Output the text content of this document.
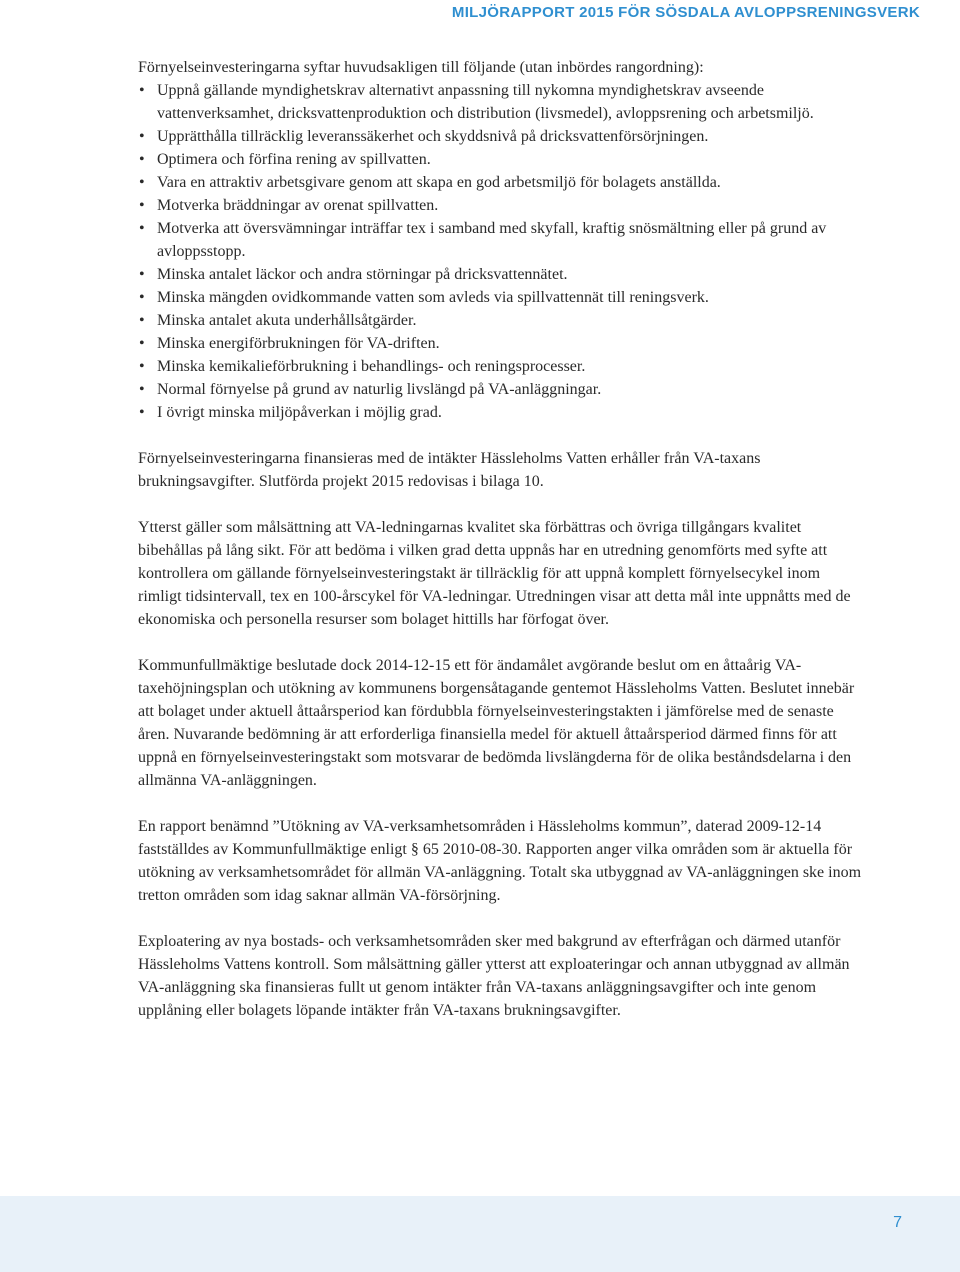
MILJÖRAPPORT 2015 FÖR SÖSDALA AVLOPPSRENINGSVERK

Förnyelseinvesteringarna syftar huvudsakligen till följande (utan inbördes rangordning):

• Uppnå gällande myndighetskrav alternativt anpassning till nykomna myndighetskrav avseende vattenverksamhet, dricksvattenproduktion och distribution (livsmedel), avloppsrening och arbetsmiljö.
• Upprätthålla tillräcklig leveranssäkerhet och skyddsnivå på dricksvattenförsörjningen.
• Optimera och förfina rening av spillvatten.
• Vara en attraktiv arbetsgivare genom att skapa en god arbetsmiljö för bolagets anställda.
• Motverka bräddningar av orenat spillvatten.
• Motverka att översvämningar inträffar tex i samband med skyfall, kraftig snösmältning eller på grund av avloppsstopp.
• Minska antalet läckor och andra störningar på dricksvattennätet.
• Minska mängden ovidkommande vatten som avleds via spillvattennät till reningsverk.
• Minska antalet akuta underhållsåtgärder.
• Minska energiförbrukningen för VA-driften.
• Minska kemikalieförbrukning i behandlings- och reningsprocesser.
• Normal förnyelse på grund av naturlig livslängd på VA-anläggningar.
• I övrigt minska miljöpåverkan i möjlig grad.

Förnyelseinvesteringarna finansieras med de intäkter Hässleholms Vatten erhåller från VA-taxans brukningsavgifter. Slutförda projekt 2015 redovisas i bilaga 10.

Ytterst gäller som målsättning att VA-ledningarnas kvalitet ska förbättras och övriga tillgångars kvalitet bibehållas på lång sikt. För att bedöma i vilken grad detta uppnås har en utredning genomförts med syfte att kontrollera om gällande förnyelseinvesteringstakt är tillräcklig för att uppnå komplett förnyelsecykel inom rimligt tidsintervall, tex en 100-årscykel för VA-ledningar. Utredningen visar att detta mål inte uppnåtts med de ekonomiska och personella resurser som bolaget hittills har förfogat över.

Kommunfullmäktige beslutade dock 2014-12-15 ett för ändamålet avgörande beslut om en åttaårig VA-taxehöjningsplan och utökning av kommunens borgensåtagande gentemot Hässleholms Vatten. Beslutet innebär att bolaget under aktuell åttaårsperiod kan fördubbla förnyelseinvesteringstakten i jämförelse med de senaste åren. Nuvarande bedömning är att erforderliga finansiella medel för aktuell åttaårsperiod därmed finns för att uppnå en förnyelseinvesteringstakt som motsvarar de bedömda livslängderna för de olika beståndsdelarna i den allmänna VA-anläggningen.

En rapport benämnd ”Utökning av VA-verksamhetsområden i Hässleholms kommun”, daterad 2009-12-14 fastställdes av Kommunfullmäktige enligt § 65 2010-08-30. Rapporten anger vilka områden som är aktuella för utökning av verksamhetsområdet för allmän VA-anläggning. Totalt ska utbyggnad av VA-anläggningen ske inom tretton områden som idag saknar allmän VA-försörjning.

Exploatering av nya bostads- och verksamhetsområden sker med bakgrund av efterfrågan och därmed utanför Hässleholms Vattens kontroll. Som målsättning gäller ytterst att exploateringar och annan utbyggnad av allmän VA-anläggning ska finansieras fullt ut genom intäkter från VA-taxans anläggningsavgifter och inte genom upplåning eller bolagets löpande intäkter från VA-taxans brukningsavgifter.

7
